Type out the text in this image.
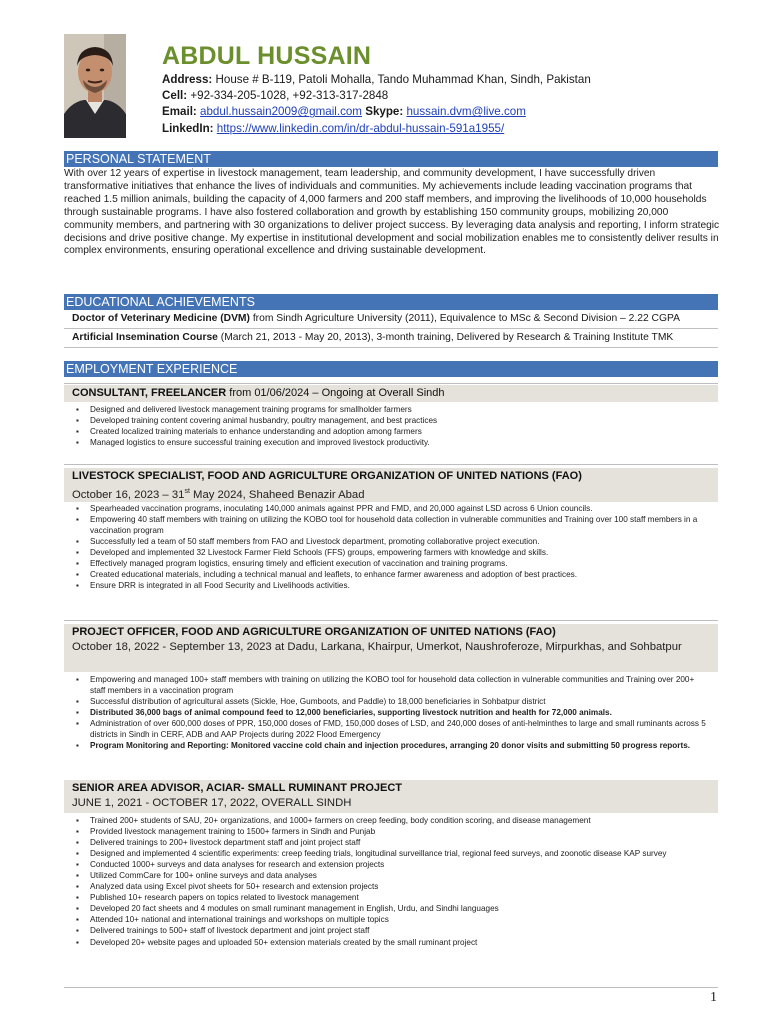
ABDUL HUSSAIN
Address: House # B-119, Patoli Mohalla, Tando Muhammad Khan, Sindh, Pakistan
Cell: +92-334-205-1028, +92-313-317-2848
Email: abdul.hussain2009@gmail.com Skype: hussain.dvm@live.com
LinkedIn: https://www.linkedin.com/in/dr-abdul-hussain-591a1955/
PERSONAL STATEMENT
With over 12 years of expertise in livestock management, team leadership, and community development, I have successfully driven transformative initiatives that enhance the lives of individuals and communities. My achievements include leading vaccination programs that reached 1.5 million animals, building the capacity of 4,000 farmers and 200 staff members, and improving the livelihoods of 10,000 households through sustainable programs. I have also fostered collaboration and growth by establishing 150 community groups, mobilizing 20,000 community members, and partnering with 30 organizations to deliver project success. By leveraging data analysis and reporting, I inform strategic decisions and drive positive change. My expertise in institutional development and social mobilization enables me to consistently deliver results in complex environments, ensuring operational excellence and driving sustainable development.
EDUCATIONAL ACHIEVEMENTS
Doctor of Veterinary Medicine (DVM) from Sindh Agriculture University (2011), Equivalence to MSc & Second Division – 2.22 CGPA
Artificial Insemination Course (March 21, 2013 - May 20, 2013), 3-month training, Delivered by Research & Training Institute TMK
EMPLOYMENT EXPERIENCE
CONSULTANT, FREELANCER from 01/06/2024 – Ongoing at Overall Sindh
▪ Designed and delivered livestock management training programs for smallholder farmers
▪ Developed training content covering animal husbandry, poultry management, and best practices
▪ Created localized training materials to enhance understanding and adoption among farmers
▪ Managed logistics to ensure successful training execution and improved livestock productivity.
LIVESTOCK SPECIALIST, FOOD AND AGRICULTURE ORGANIZATION OF UNITED NATIONS (FAO)
October 16, 2023 – 31st May 2024, Shaheed Benazir Abad
▪ Spearheaded vaccination programs, inoculating 140,000 animals against PPR and FMD, and 20,000 against LSD across 6 Union councils.
▪ Empowering 40 staff members with training on utilizing the KOBO tool for household data collection in vulnerable communities and Training over 100 staff members in a vaccination program
▪ Successfully led a team of 50 staff members from FAO and Livestock department, promoting collaborative project execution.
▪ Developed and implemented 32 Livestock Farmer Field Schools (FFS) groups, empowering farmers with knowledge and skills.
▪ Effectively managed program logistics, ensuring timely and efficient execution of vaccination and training programs.
▪ Created educational materials, including a technical manual and leaflets, to enhance farmer awareness and adoption of best practices.
▪ Ensure DRR is integrated in all Food Security and Livelihoods activities.
PROJECT OFFICER, FOOD AND AGRICULTURE ORGANIZATION OF UNITED NATIONS (FAO)
October 18, 2022 - September 13, 2023 at Dadu, Larkana, Khairpur, Umerkot, Naushroferoze, Mirpurkhas, and Sohbatpur
▪ Empowering and managed 100+ staff members with training on utilizing the KOBO tool for household data collection in vulnerable communities and Training over 200+ staff members in a vaccination program
▪ Successful distribution of agricultural assets (Sickle, Hoe, Gumboots, and Paddle) to 18,000 beneficiaries in Sohbatpur district
▪ Distributed 36,000 bags of animal compound feed to 12,000 beneficiaries, supporting livestock nutrition and health for 72,000 animals.
▪ Administration of over 600,000 doses of PPR, 150,000 doses of FMD, 150,000 doses of LSD, and 240,000 doses of anti-helminthes to large and small ruminants across 5 districts in Sindh in CERF, ADB and AAP Projects during 2022 Flood Emergency
▪ Program Monitoring and Reporting: Monitored vaccine cold chain and injection procedures, arranging 20 donor visits and submitting 50 progress reports.
SENIOR AREA ADVISOR, ACIAR- SMALL RUMINANT PROJECT
JUNE 1, 2021 - OCTOBER 17, 2022, OVERALL SINDH
▪ Trained 200+ students of SAU, 20+ organizations, and 1000+ farmers on creep feeding, body condition scoring, and disease management
▪ Provided livestock management training to 1500+ farmers in Sindh and Punjab
▪ Delivered trainings to 200+ livestock department staff and joint project staff
▪ Designed and implemented 4 scientific experiments: creep feeding trials, longitudinal surveillance trial, regional feed surveys, and zoonotic disease KAP survey
▪ Conducted 1000+ surveys and data analyses for research and extension projects
▪ Utilized CommCare for 100+ online surveys and data analyses
▪ Analyzed data using Excel pivot sheets for 50+ research and extension projects
▪ Published 10+ research papers on topics related to livestock management
▪ Developed 20 fact sheets and 4 modules on small ruminant management in English, Urdu, and Sindhi languages
▪ Attended 10+ national and international trainings and workshops on multiple topics
▪ Delivered trainings to 500+ staff of livestock department and joint project staff
▪ Developed 20+ website pages and uploaded 50+ extension materials created by the small ruminant project
1
